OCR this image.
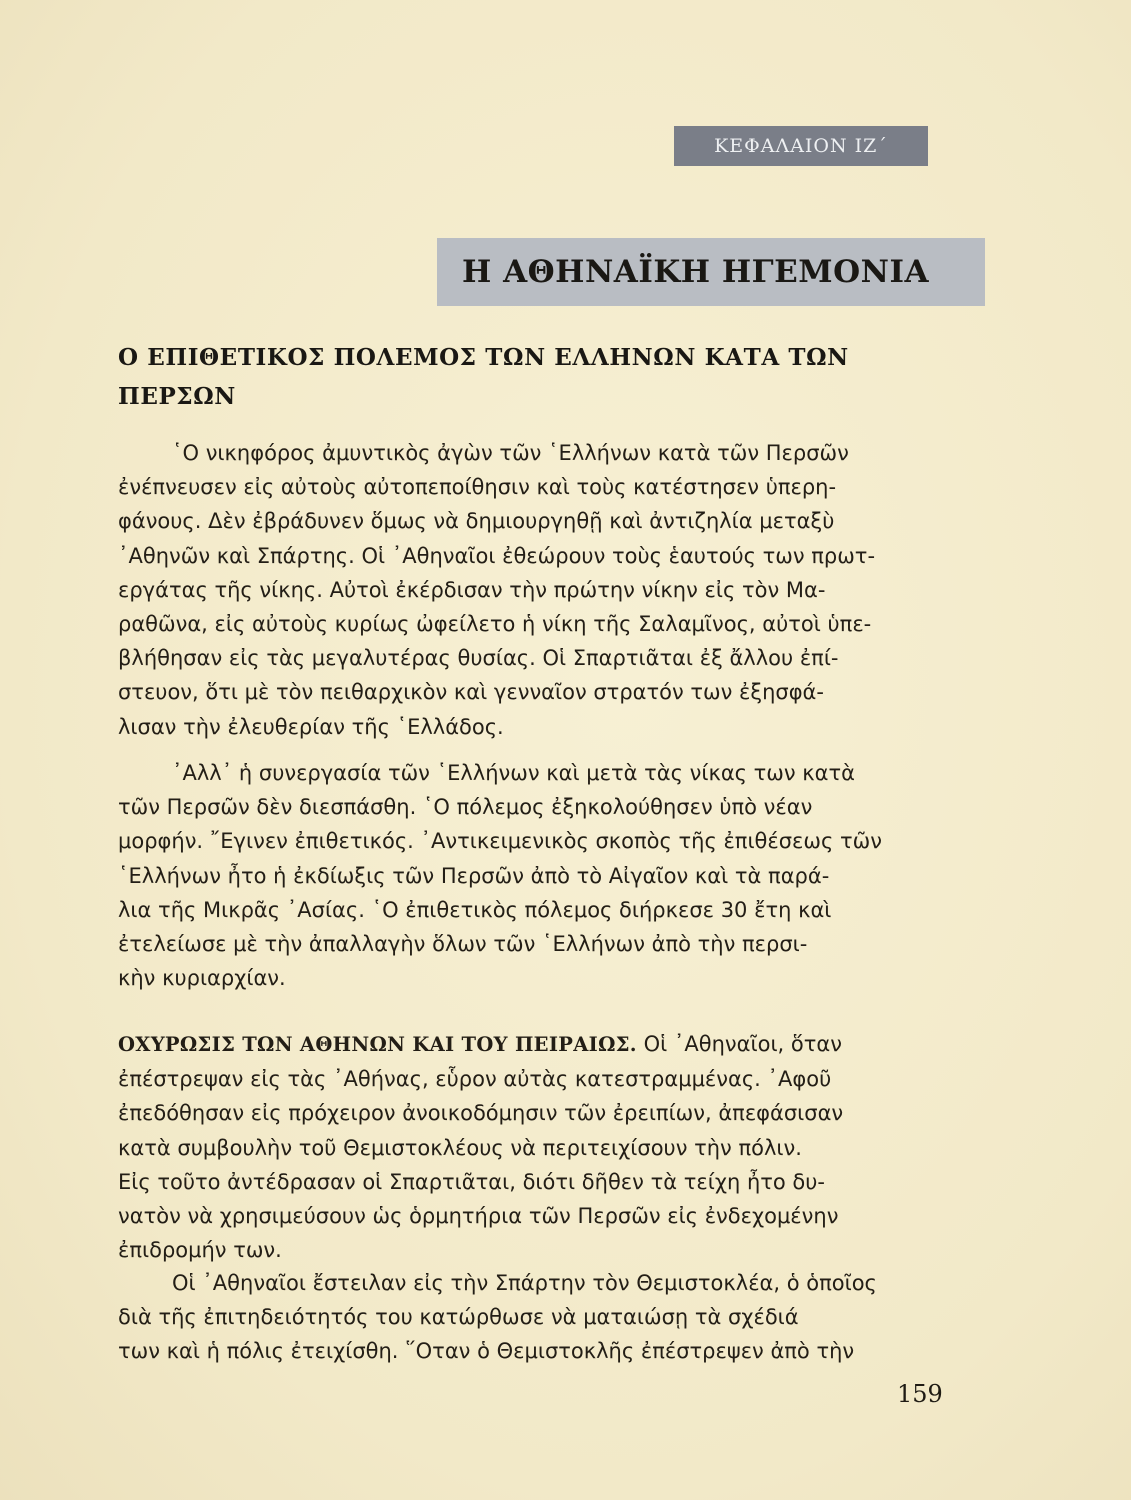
ΚΕΦΑΛΑΙΟΝ ΙΖ΄
Η ΑΘΗΝΑΪΚΗ ΗΓΕΜΟΝΙΑ
Ο ΕΠΙΘΕΤΙΚΟΣ ΠΟΛΕΜΟΣ ΤΩΝ ΕΛΛΗΝΩΝ ΚΑΤΑ ΤΩΝ
ΠΕΡΣΩΝ
῾Ο νικηφόρος ἀμυντικὸς ἀγὼν τῶν ῾Ελλήνων κατὰ τῶν Περσῶν
ἐνέπνευσεν εἰς αὐτοὺς αὐτοπεποίθησιν καὶ τοὺς κατέστησεν ὑπερη-
φάνους. Δὲν ἐβράδυνεν ὅμως νὰ δημιουργηθῇ καὶ ἀντιζηλία μεταξὺ
᾿Αθηνῶν καὶ Σπάρτης. Οἱ ᾿Αθηναῖοι ἐθεώρουν τοὺς ἑαυτούς των πρωτ-
εργάτας τῆς νίκης. Αὐτοὶ ἐκέρδισαν τὴν πρώτην νίκην εἰς τὸν Μα-
ραθῶνα, εἰς αὐτοὺς κυρίως ὠφείλετο ἡ νίκη τῆς Σαλαμῖνος, αὐτοὶ ὑπε-
βλήθησαν εἰς τὰς μεγαλυτέρας θυσίας. Οἱ Σπαρτιᾶται ἐξ ἄλλου ἐπί-
στευον, ὅτι μὲ τὸν πειθαρχικὸν καὶ γενναῖον στρατόν των ἐξησφά-
λισαν τὴν ἐλευθερίαν τῆς ῾Ελλάδος.
᾿Αλλ᾿ ἡ συνεργασία τῶν ῾Ελλήνων καὶ μετὰ τὰς νίκας των κατὰ
τῶν Περσῶν δὲν διεσπάσθη. ῾Ο πόλεμος ἐξηκολούθησεν ὑπὸ νέαν
μορφήν. ῎Εγινεν ἐπιθετικός. ᾿Αντικειμενικὸς σκοπὸς τῆς ἐπιθέσεως τῶν
῾Ελλήνων ἦτο ἡ ἐκδίωξις τῶν Περσῶν ἀπὸ τὸ Αἰγαῖον καὶ τὰ παρά-
λια τῆς Μικρᾶς ᾿Ασίας. ῾Ο ἐπιθετικὸς πόλεμος διήρκεσε 30 ἔτη καὶ
ἐτελείωσε μὲ τὴν ἀπαλλαγὴν ὅλων τῶν ῾Ελλήνων ἀπὸ τὴν περσι-
κὴν κυριαρχίαν.
ΟΧΥΡΩΣΙΣ ΤΩΝ ΑΘΗΝΩΝ ΚΑΙ ΤΟΥ ΠΕΙΡΑΙΩΣ. Οἱ ᾿Αθηναῖοι, ὅταν
ἐπέστρεψαν εἰς τὰς ᾿Αθήνας, εὗρον αὐτὰς κατεστραμμένας. ᾿Αφοῦ
ἐπεδόθησαν εἰς πρόχειρον ἀνοικοδόμησιν τῶν ἐρειπίων, ἀπεφάσισαν
κατὰ συμβουλὴν τοῦ Θεμιστοκλέους νὰ περιτειχίσουν τὴν πόλιν.
Εἰς τοῦτο ἀντέδρασαν οἱ Σπαρτιᾶται, διότι δῆθεν τὰ τείχη ἦτο δυ-
νατὸν νὰ χρησιμεύσουν ὡς ὁρμητήρια τῶν Περσῶν εἰς ἐνδεχομένην
ἐπιδρομήν των.
Οἱ ᾿Αθηναῖοι ἔστειλαν εἰς τὴν Σπάρτην τὸν Θεμιστοκλέα, ὁ ὁποῖος
διὰ τῆς ἐπιτηδειότητός του κατώρθωσε νὰ ματαιώσῃ τὰ σχέδιά
των καὶ ἡ πόλις ἐτειχίσθη. ῞Οταν ὁ Θεμιστοκλῆς ἐπέστρεψεν ἀπὸ τὴν
159
